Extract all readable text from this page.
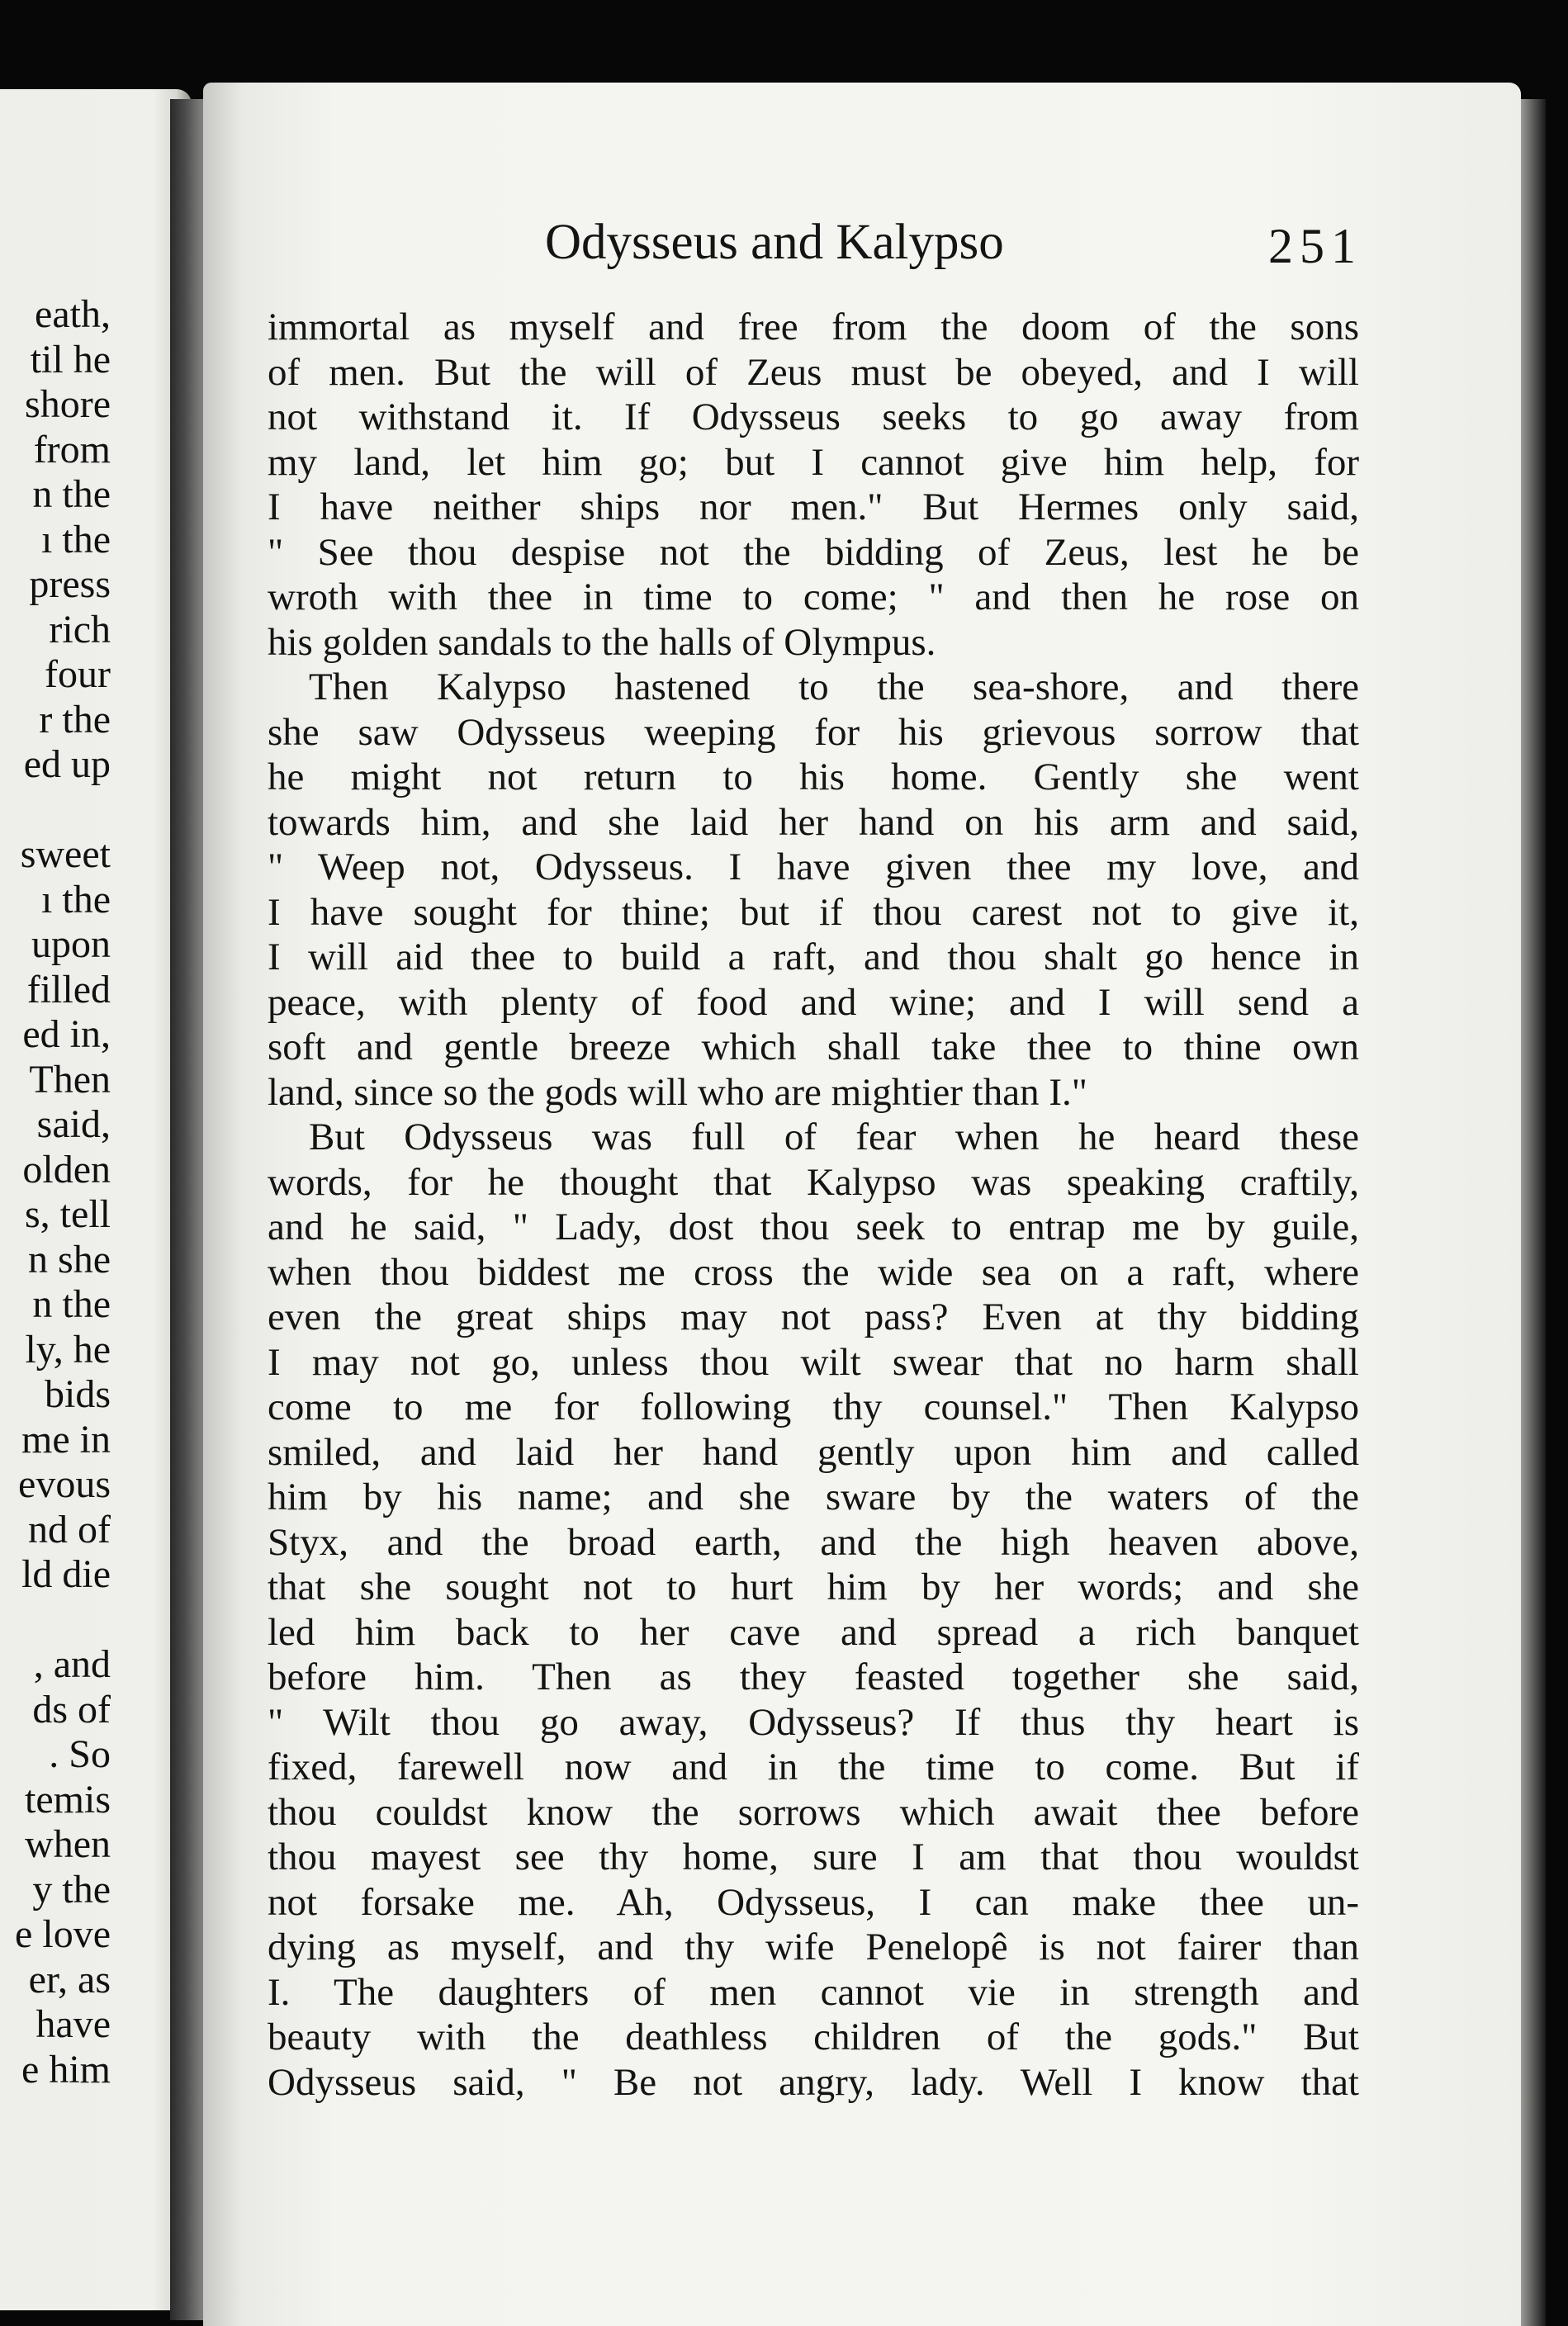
eath,

til he

shore

from

n the

ı the

press

rich

four

r the

ed up

sweet

ı the

upon

filled

ed in,

Then

said,

olden

s, tell

n she

n the

ly, he

bids

me in

evous

nd of

ld die

, and

ds of

. So

temis

when

y the

e love

er, as

have

e him

Odysseus and Kalypso	251

immortal as myself and free from the doom of the sons

of men. But the will of Zeus must be obeyed, and I will

not withstand it. If Odysseus seeks to go away from

my land, let him go; but I cannot give him help, for

I have neither ships nor men." But Hermes only said,

" See thou despise not the bidding of Zeus, lest he be

wroth with thee in time to come; " and then he rose on

his golden sandals to the halls of Olympus.

Then Kalypso hastened to the sea-shore, and there

she saw Odysseus weeping for his grievous sorrow that

he might not return to his home. Gently she went

towards him, and she laid her hand on his arm and said,

" Weep not, Odysseus. I have given thee my love, and

I have sought for thine; but if thou carest not to give it,

I will aid thee to build a raft, and thou shalt go hence in

peace, with plenty of food and wine; and I will send a

soft and gentle breeze which shall take thee to thine own

land, since so the gods will who are mightier than I."

But Odysseus was full of fear when he heard these

words, for he thought that Kalypso was speaking craftily,

and he said, " Lady, dost thou seek to entrap me by guile,

when thou biddest me cross the wide sea on a raft, where

even the great ships may not pass? Even at thy bidding

I may not go, unless thou wilt swear that no harm shall

come to me for following thy counsel." Then Kalypso

smiled, and laid her hand gently upon him and called

him by his name; and she sware by the waters of the

Styx, and the broad earth, and the high heaven above,

that she sought not to hurt him by her words; and she

led him back to her cave and spread a rich banquet

before him. Then as they feasted together she said,

" Wilt thou go away, Odysseus? If thus thy heart is

fixed, farewell now and in the time to come. But if

thou couldst know the sorrows which await thee before

thou mayest see thy home, sure I am that thou wouldst

not forsake me. Ah, Odysseus, I can make thee un-

dying as myself, and thy wife Penelopê is not fairer than

I. The daughters of men cannot vie in strength and

beauty with the deathless children of the gods." But

Odysseus said, " Be not angry, lady. Well I know that
